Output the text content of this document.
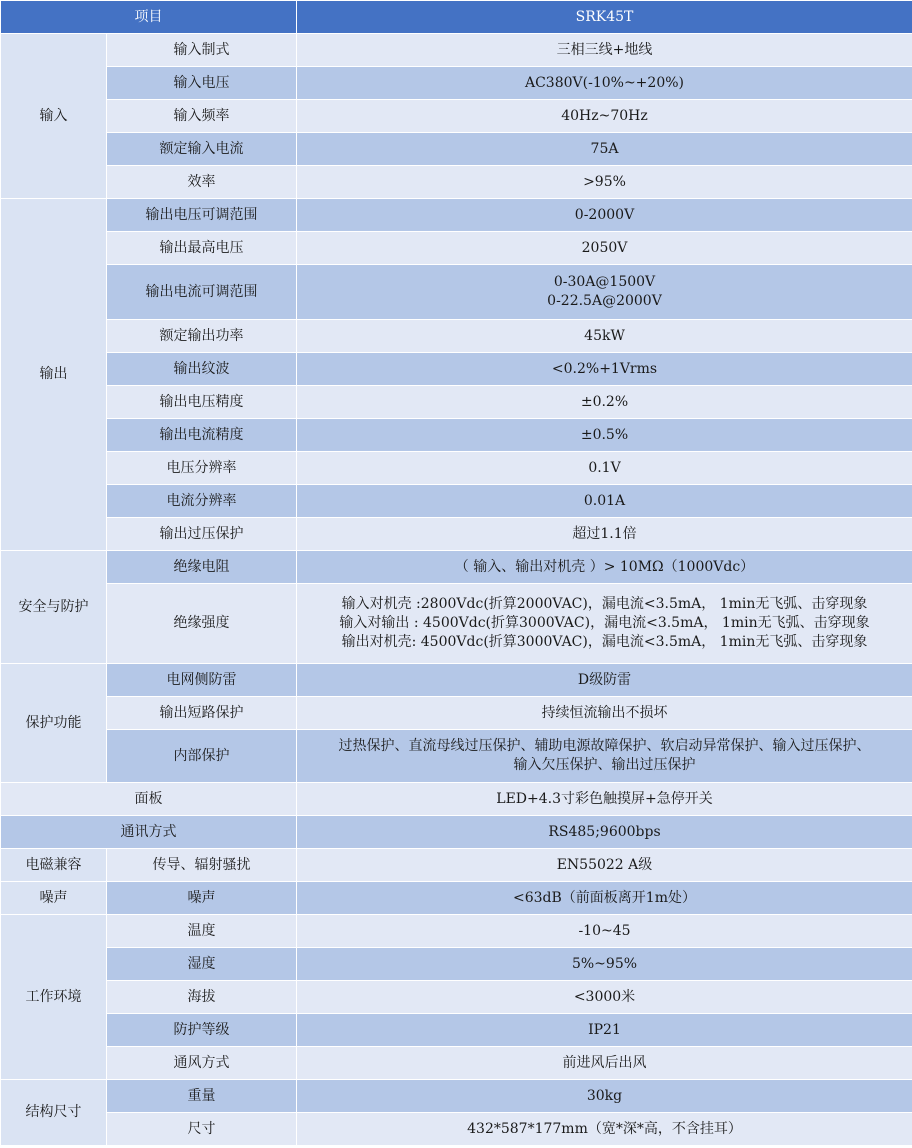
项目		SRK45T
输入	输入制式	三相三线+地线
	输入电压	AC380V(-10%~+20%)
	输入频率	40Hz~70Hz
	额定输入电流	75A
	效率	>95%
输出	输出电压可调范围	0-2000V
	输出最高电压	2050V
	输出电流可调范围	0-30A@1500V
0-22.5A@2000V

	额定输出功率	45kW
	输出纹波	<0.2%+1Vrms
	输出电压精度	±0.2%
	输出电流精度	±0.5%
	电压分辨率	0.1V
	电流分辨率	0.01A
	输出过压保护	超过1.1倍
安全与防护	绝缘电阻	（ 输入、输出对机壳 ）> 10MΩ（1000Vdc）
	绝缘强度	输入对机壳 :2800Vdc(折算2000VAC)，漏电流<3.5mA， 1min无飞弧、击穿现象
输入对输出 : 4500Vdc(折算3000VAC)，漏电流<3.5mA， 1min无飞弧、击穿现象
输出对机壳: 4500Vdc(折算3000VAC)，漏电流<3.5mA， 1min无飞弧、击穿现象

保护功能	电网侧防雷	D级防雷
	输出短路保护	持续恒流输出不损坏
	内部保护	过热保护、直流母线过压保护、辅助电源故障保护、软启动异常保护、输入过压保护、
输入欠压保护、输出过压保护

面板		LED+4.3寸彩色触摸屏+急停开关
通讯方式		RS485;9600bps
电磁兼容	传导、辐射骚扰	EN55022 A级
噪声	噪声	<63dB（前面板离开1m处）
工作环境	温度	-10~45
	湿度	5%~95%
	海拔	<3000米
	防护等级	IP21
	通风方式	前进风后出风
结构尺寸	重量	30kg
	尺寸	432*587*177mm（宽*深*高，不含挂耳）
